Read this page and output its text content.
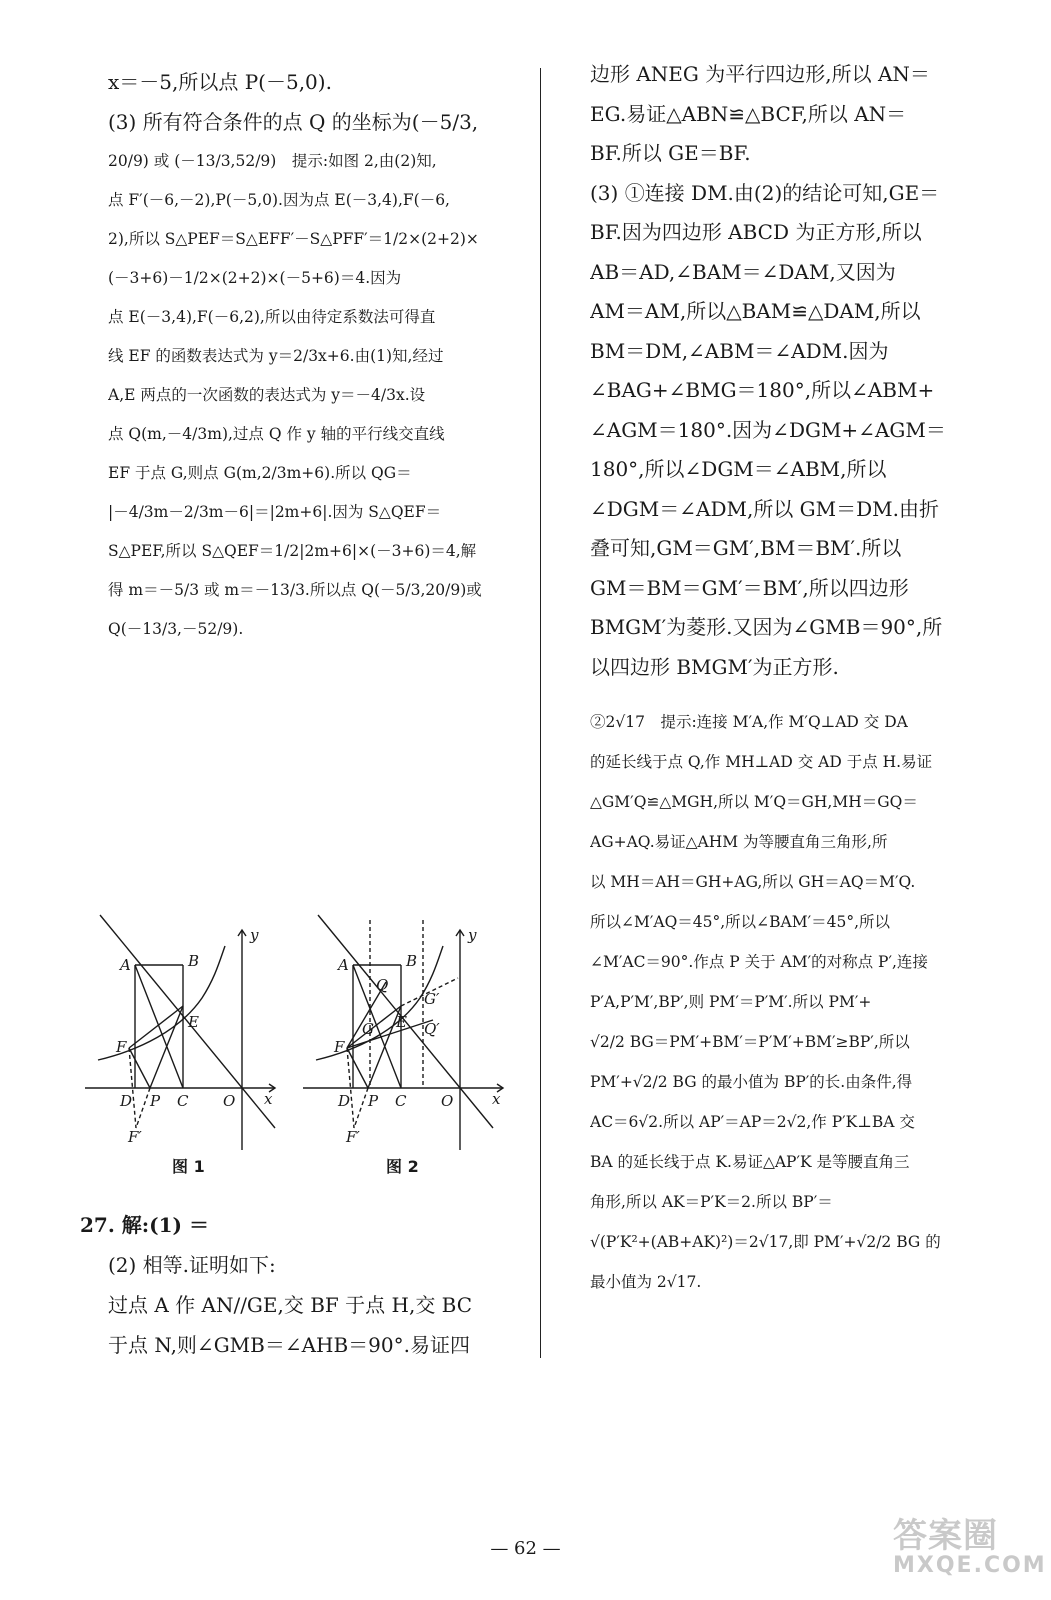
x＝－5,所以点 P(－5,0).
(3) 所有符合条件的点 Q 的坐标为(－5/3,
20/9) 或 (－13/3,52/9)　提示:如图 2,由(2)知,
点 F′(－6,－2),P(－5,0).因为点 E(－3,4),F(－6,
2),所以 S△PEF＝S△EFF′－S△PFF′＝1/2×(2+2)×
(－3+6)－1/2×(2+2)×(－5+6)＝4.因为
点 E(－3,4),F(－6,2),所以由待定系数法可得直
线 EF 的函数表达式为 y＝2/3x+6.由(1)知,经过
A,E 两点的一次函数的表达式为 y＝－4/3x.设
点 Q(m,－4/3m),过点 Q 作 y 轴的平行线交直线
EF 于点 G,则点 G(m,2/3m+6).所以 QG＝
|－4/3m－2/3m－6|＝|2m+6|.因为 S△QEF＝
S△PEF,所以 S△QEF＝1/2|2m+6|×(－3+6)＝4,解
得 m＝－5/3 或 m＝－13/3.所以点 Q(－5/3,20/9)或
Q(－13/3,－52/9).
A	B
E
F
D P C O x
y
F′
图 1
A	B
Q
G E
G′
Q′
F
D P C O	x
y
F′
图 2
27. 解:(1) ＝
(2) 相等.证明如下:
过点 A 作 AN//GE,交 BF 于点 H,交 BC
于点 N,则∠GMB＝∠AHB＝90°.易证四
边形 ANEG 为平行四边形,所以 AN＝
EG.易证△ABN≌△BCF,所以 AN＝
BF.所以 GE＝BF.
(3) ①连接 DM.由(2)的结论可知,GE＝
BF.因为四边形 ABCD 为正方形,所以
AB＝AD,∠BAM＝∠DAM,又因为
AM＝AM,所以△BAM≌△DAM,所以
BM＝DM,∠ABM＝∠ADM.因为
∠BAG+∠BMG＝180°,所以∠ABM+
∠AGM＝180°.因为∠DGM+∠AGM＝
180°,所以∠DGM＝∠ABM,所以
∠DGM＝∠ADM,所以 GM＝DM.由折
叠可知,GM＝GM′,BM＝BM′.所以
GM＝BM＝GM′＝BM′,所以四边形
BMGM′为菱形.又因为∠GMB＝90°,所
以四边形 BMGM′为正方形.
②2√17　提示:连接 M′A,作 M′Q⊥AD 交 DA
的延长线于点 Q,作 MH⊥AD 交 AD 于点 H.易证
△GM′Q≌△MGH,所以 M′Q＝GH,MH＝GQ＝
AG+AQ.易证△AHM 为等腰直角三角形,所
以 MH＝AH＝GH+AG,所以 GH＝AQ＝M′Q.
所以∠M′AQ＝45°,所以∠BAM′＝45°,所以
∠M′AC＝90°.作点 P 关于 AM′的对称点 P′,连接
P′A,P′M′,BP′,则 PM′＝P′M′.所以 PM′+
√2/2 BG＝PM′+BM′＝P′M′+BM′≥BP′,所以
PM′+√2/2 BG 的最小值为 BP′的长.由条件,得
AC＝6√2.所以 AP′＝AP＝2√2,作 P′K⊥BA 交
BA 的延长线于点 K.易证△AP′K 是等腰直角三
角形,所以 AK＝P′K＝2.所以 BP′＝
√(P′K²+(AB+AK)²)＝2√17,即 PM′+√2/2 BG 的
最小值为 2√17.
— 62 —	答案圈
MXQE.COM
